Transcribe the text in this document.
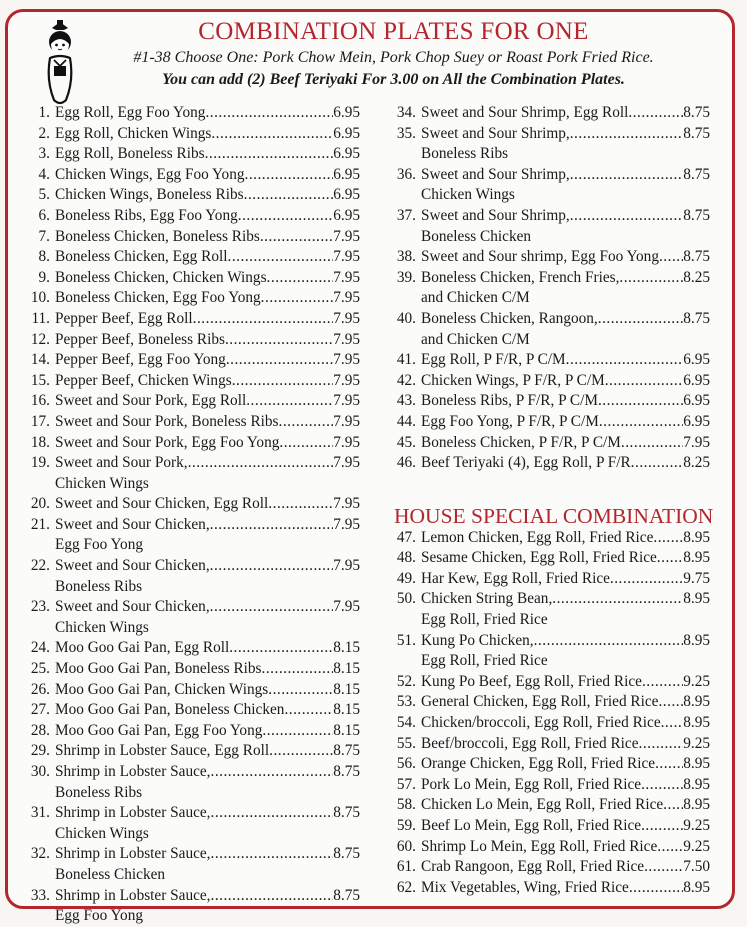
COMBINATION PLATES FOR ONE
#1-38 Choose One: Pork Chow Mein, Pork Chop Suey or Roast Pork Fried Rice.
You can add (2) Beef Teriyaki For 3.00 on All the Combination Plates.
1. Egg Roll, Egg Foo Yong .....	6.95
2. Egg Roll, Chicken Wings .....	6.95
3. Egg Roll, Boneless Ribs .....	6.95
4. Chicken Wings, Egg Foo Yong .....	6.95
5. Chicken Wings, Boneless Ribs .....	6.95
6. Boneless Ribs, Egg Foo Yong .....	6.95
7. Boneless Chicken, Boneless Ribs .....	7.95
8. Boneless Chicken, Egg Roll .....	7.95
9. Boneless Chicken, Chicken Wings .....	7.95
10. Boneless Chicken, Egg Foo Yong .....	7.95
11. Pepper Beef, Egg Roll .....	7.95
12. Pepper Beef, Boneless Ribs .....	7.95
14. Pepper Beef, Egg Foo Yong .....	7.95
15. Pepper Beef, Chicken Wings .....	7.95
16. Sweet and Sour Pork, Egg Roll .....	7.95
17. Sweet and Sour Pork, Boneless Ribs .....	7.95
18. Sweet and Sour Pork, Egg Foo Yong .....	7.95
19. Sweet and Sour Pork, .....	7.95
Chicken Wings
20. Sweet and Sour Chicken, Egg Roll .....	7.95
21. Sweet and Sour Chicken, .....	7.95
Egg Foo Yong
22. Sweet and Sour Chicken, .....	7.95
Boneless Ribs
23. Sweet and Sour Chicken, .....	7.95
Chicken Wings
24. Moo Goo Gai Pan, Egg Roll .....	8.15
25. Moo Goo Gai Pan, Boneless Ribs .....	8.15
26. Moo Goo Gai Pan, Chicken Wings .....	8.15
27. Moo Goo Gai Pan, Boneless Chicken .....	8.15
28. Moo Goo Gai Pan, Egg Foo Yong .....	8.15
29. Shrimp in Lobster Sauce, Egg Roll .....	8.75
30. Shrimp in Lobster Sauce, .....	8.75
Boneless Ribs
31. Shrimp in Lobster Sauce, .....	8.75
Chicken Wings
32. Shrimp in Lobster Sauce, .....	8.75
Boneless Chicken
33. Shrimp in Lobster Sauce, .....	8.75
Egg Foo Yong
34. Sweet and Sour Shrimp, Egg Roll .....	8.75
35. Sweet and Sour Shrimp, .....	8.75
Boneless Ribs
36. Sweet and Sour Shrimp, .....	8.75
Chicken Wings
37. Sweet and Sour Shrimp, .....	8.75
Boneless Chicken
38. Sweet and Sour shrimp, Egg Foo Yong ..... 8.75
39. Boneless Chicken, French Fries, .....	8.25
and Chicken C/M
40. Boneless Chicken, Rangoon, .....	8.75
and Chicken C/M
41. Egg Roll, P F/R, P C/M .....	6.95
42. Chicken Wings, P F/R, P C/M .....	6.95
43. Boneless Ribs, P F/R, P C/M .....	6.95
44. Egg Foo Yong, P F/R, P C/M .....	6.95
45. Boneless Chicken, P F/R, P C/M .....	7.95
46. Beef Teriyaki (4), Egg Roll, P F/R .....	8.25
HOUSE SPECIAL COMBINATION
47. Lemon Chicken, Egg Roll, Fried Rice ..... 8.95
48. Sesame Chicken, Egg Roll, Fried Rice ..... 8.95
49. Har Kew, Egg Roll, Fried Rice .....	9.75
50. Chicken String Bean, .....	8.95
Egg Roll, Fried Rice
51. Kung Po Chicken, .....	8.95
Egg Roll, Fried Rice
52. Kung Po Beef, Egg Roll, Fried Rice .....	9.25
53. General Chicken, Egg Roll, Fried Rice ..... 8.95
54. Chicken/broccoli, Egg Roll, Fried Rice ..... 8.95
55. Beef/broccoli, Egg Roll, Fried Rice .....	9.25
56. Orange Chicken, Egg Roll, Fried Rice ..... 8.95
57. Pork Lo Mein, Egg Roll, Fried Rice .....	8.95
58. Chicken Lo Mein, Egg Roll, Fried Rice ..... 8.95
59. Beef Lo Mein, Egg Roll, Fried Rice .....	9.25
60. Shrimp Lo Mein, Egg Roll, Fried Rice ..... 9.25
61. Crab Rangoon, Egg Roll, Fried Rice .....	7.50
62. Mix Vegetables, Wing, Fried Rice .....	8.95
